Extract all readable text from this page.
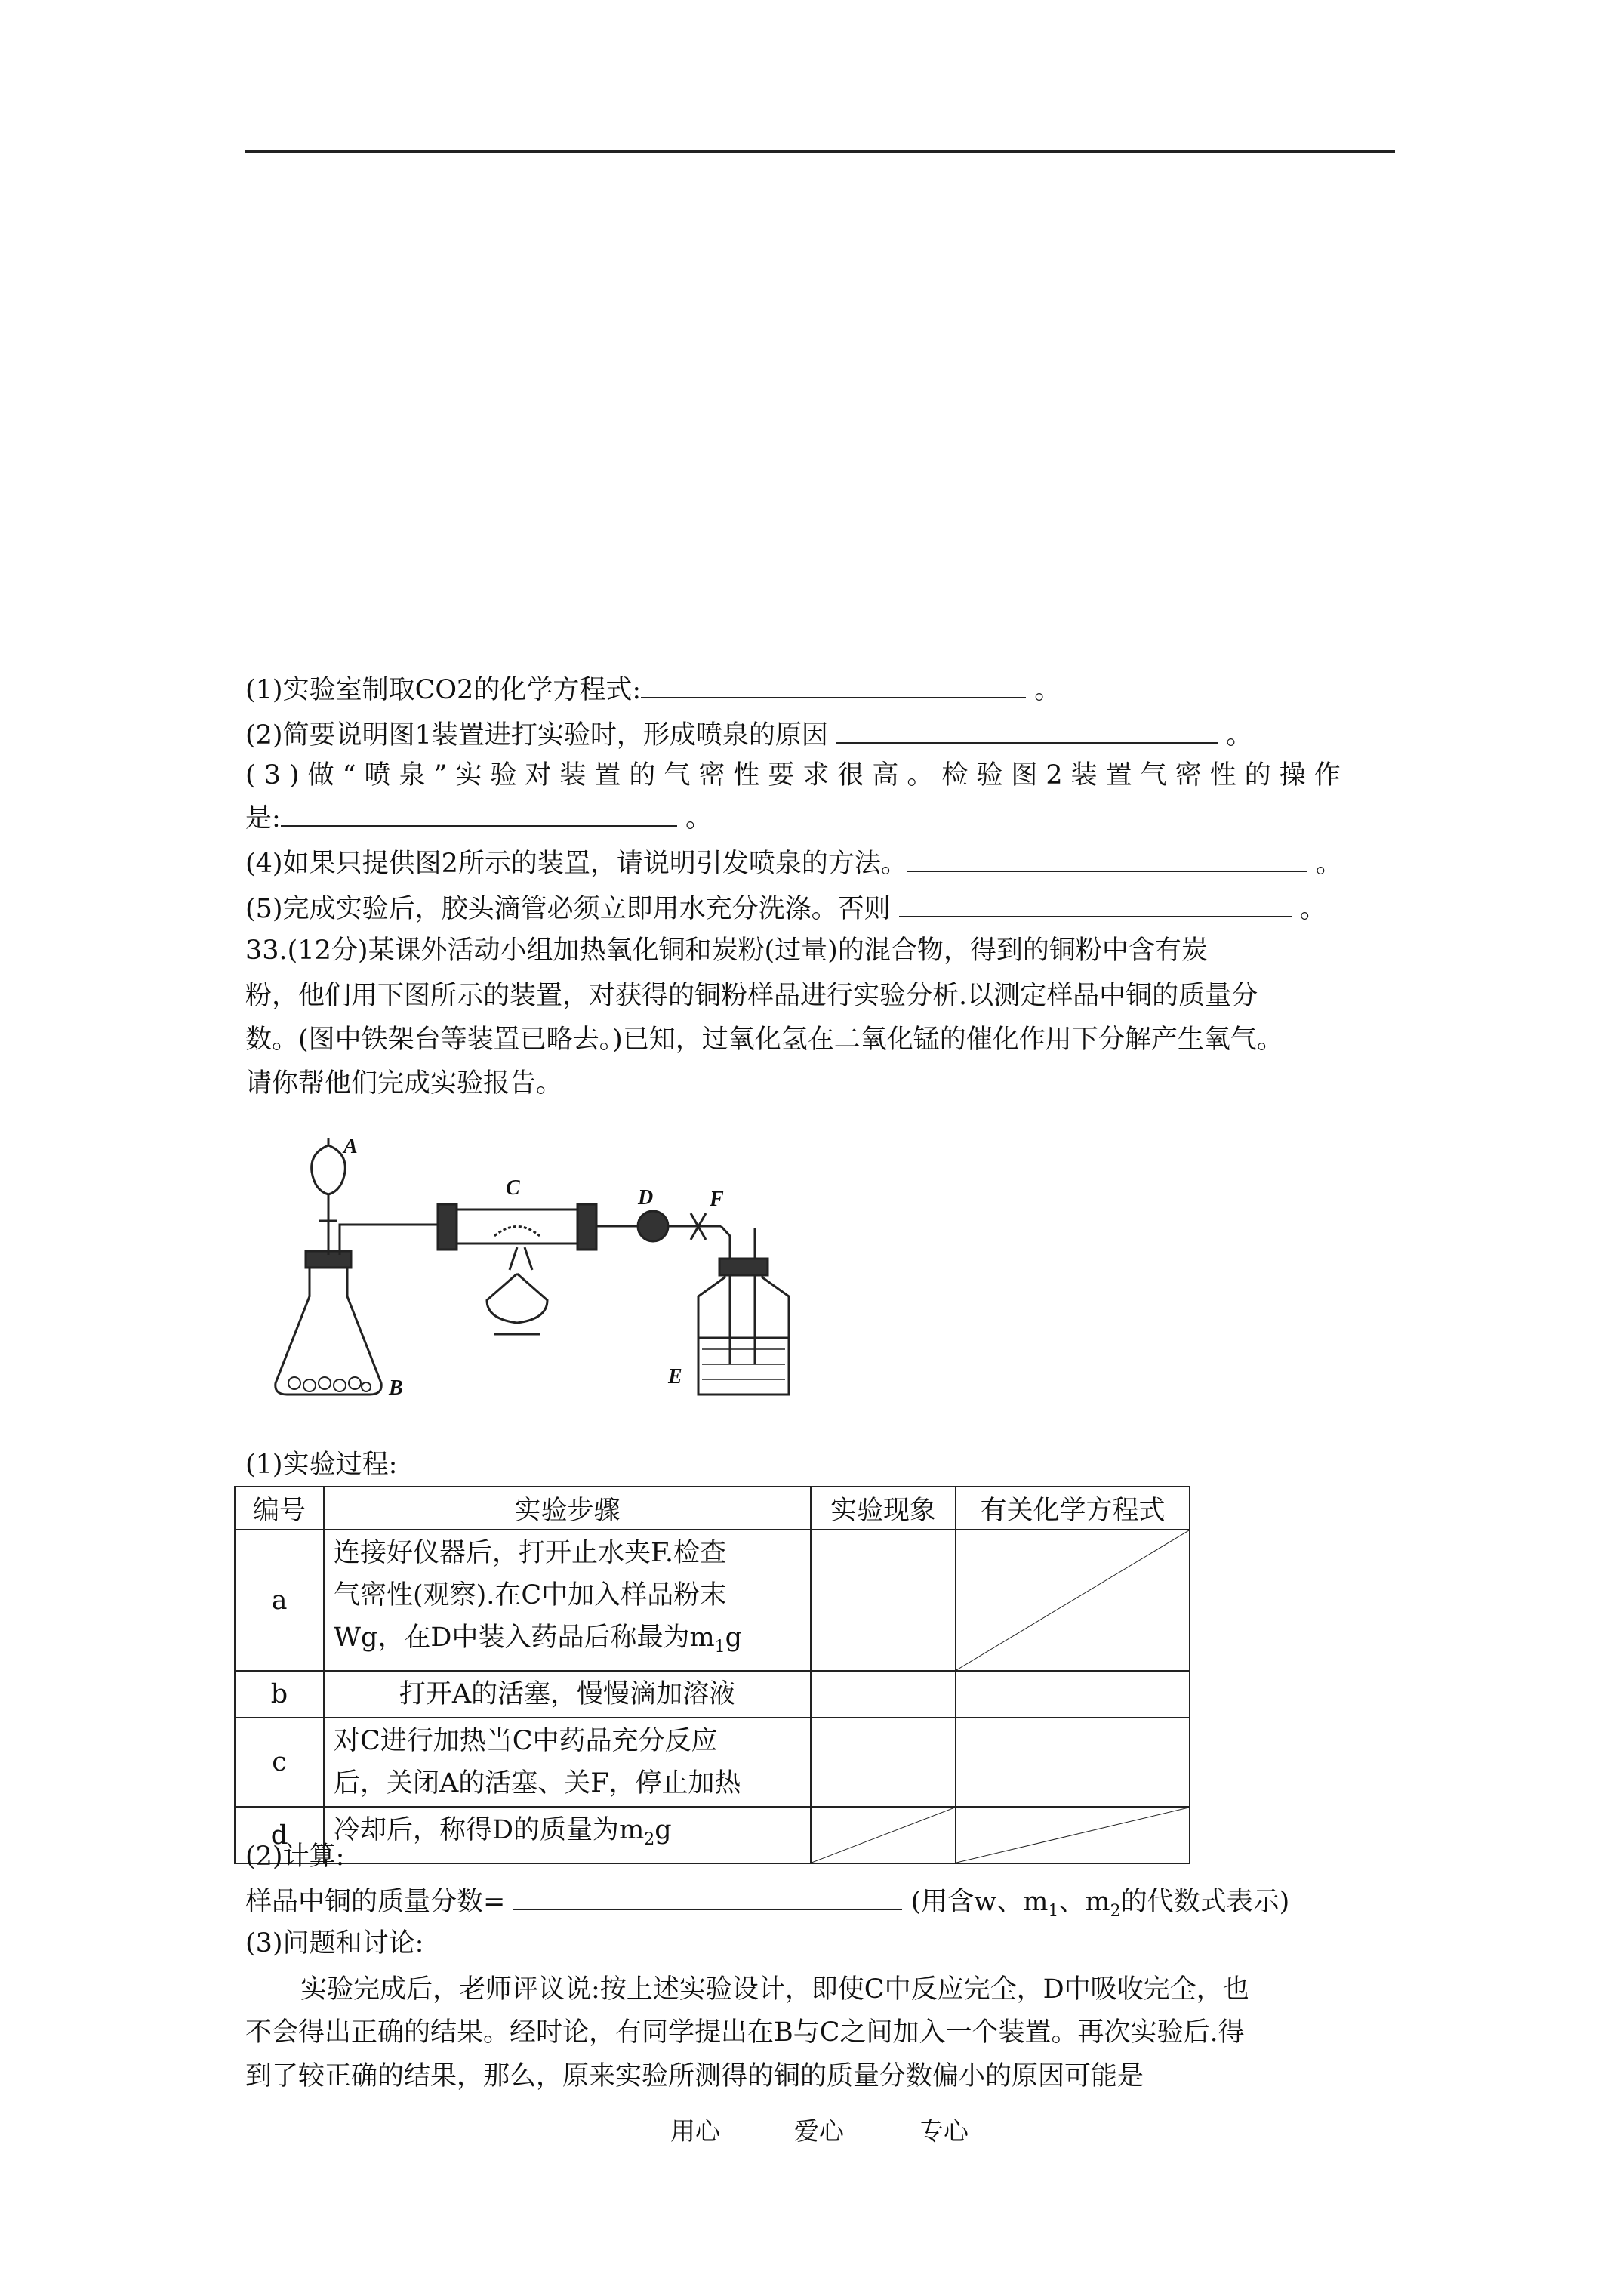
(1)实验室制取CO2的化学方程式:	。
(2)简要说明图1装置进打实验时，形成喷泉的原因	。
(3)做“喷泉”实验对装置的气密性要求很高。检验图2装置气密性的操作
是:	。
(4)如果只提供图2所示的装置，请说明引发喷泉的方法。	。
(5)完成实验后，胶头滴管必须立即用水充分洗涤。否则	。
33.(12分)某课外活动小组加热氧化铜和炭粉(过量)的混合物，得到的铜粉中含有炭
粉，他们用下图所示的装置，对获得的铜粉样品进行实验分析.以测定样品中铜的质量分
数。(图中铁架台等装置已略去。)已知，过氧化氢在二氧化锰的催化作用下分解产生氧气。
请你帮他们完成实验报告。
A
B
C	D
E
F
(1)实验过程:
编号	实验步骤	实验现象	有关化学方程式
a	连接好仪器后，打开止水夹F.检查
气密性(观察).在C中加入样品粉末
Wg，在D中装入药品后称最为$m_1g$

b	打开A的活塞，慢慢滴加溶液		

c	对C进行加热当C中药品充分反应
后，关闭A的活塞、关F，停止加热		

d	冷却后，称得D的质量为$m_2g$

(2)计算:
样品中铜的质量分数=	(用含w、$m_1$、$m_2$的代数式表示)
(3)问题和讨论:
实验完成后，老师评议说:按上述实验设计，即使C中反应完全，D中吸收完全，也
不会得出正确的结果。经时论，有同学提出在B与C之间加入一个装置。再次实验后.得
到了较正确的结果，那么，原来实验所测得的铜的质量分数偏小的原因可能是
用心	爱心	专心
